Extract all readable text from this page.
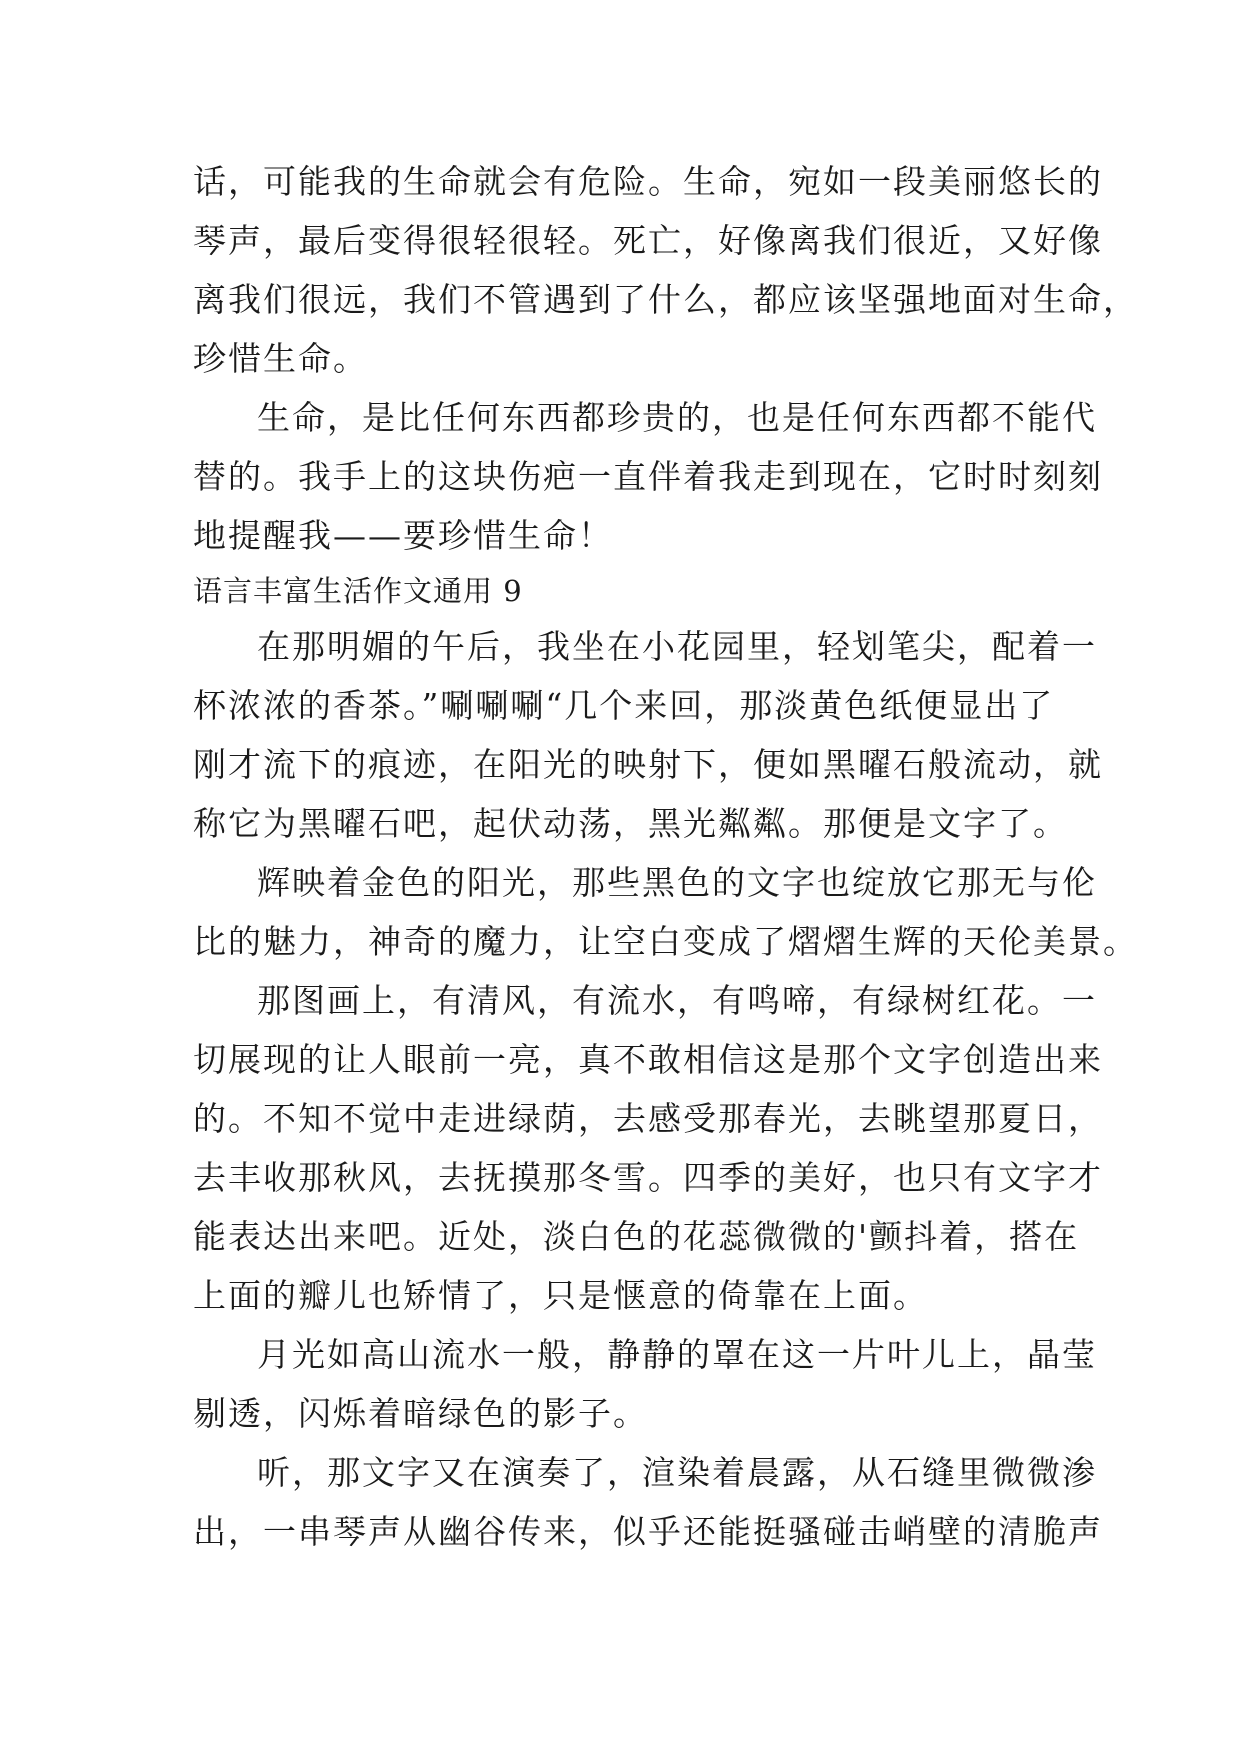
话，可能我的生命就会有危险。生命，宛如一段美丽悠长的
琴声，最后变得很轻很轻。死亡，好像离我们很近，又好像
离我们很远，我们不管遇到了什么，都应该坚强地面对生命，
珍惜生命。
生命，是比任何东西都珍贵的，也是任何东西都不能代
替的。我手上的这块伤疤一直伴着我走到现在，它时时刻刻
地提醒我——要珍惜生命！
语言丰富生活作文通用 9
在那明媚的午后，我坐在小花园里，轻划笔尖，配着一
杯浓浓的香茶。”唰唰唰“几个来回，那淡黄色纸便显出了
刚才流下的痕迹，在阳光的映射下，便如黑曜石般流动，就
称它为黑曜石吧，起伏动荡，黑光粼粼。那便是文字了。
辉映着金色的阳光，那些黑色的文字也绽放它那无与伦
比的魅力，神奇的魔力，让空白变成了熠熠生辉的天伦美景。
那图画上，有清风，有流水，有鸣啼，有绿树红花。一
切展现的让人眼前一亮，真不敢相信这是那个文字创造出来
的。不知不觉中走进绿荫，去感受那春光，去眺望那夏日，
去丰收那秋风，去抚摸那冬雪。四季的美好，也只有文字才
能表达出来吧。近处，淡白色的花蕊微微的'颤抖着，搭在
上面的瓣儿也矫情了，只是惬意的倚靠在上面。
月光如高山流水一般，静静的罩在这一片叶儿上，晶莹
剔透，闪烁着暗绿色的影子。
听，那文字又在演奏了，渲染着晨露，从石缝里微微渗
出，一串琴声从幽谷传来，似乎还能挺骚碰击峭壁的清脆声
